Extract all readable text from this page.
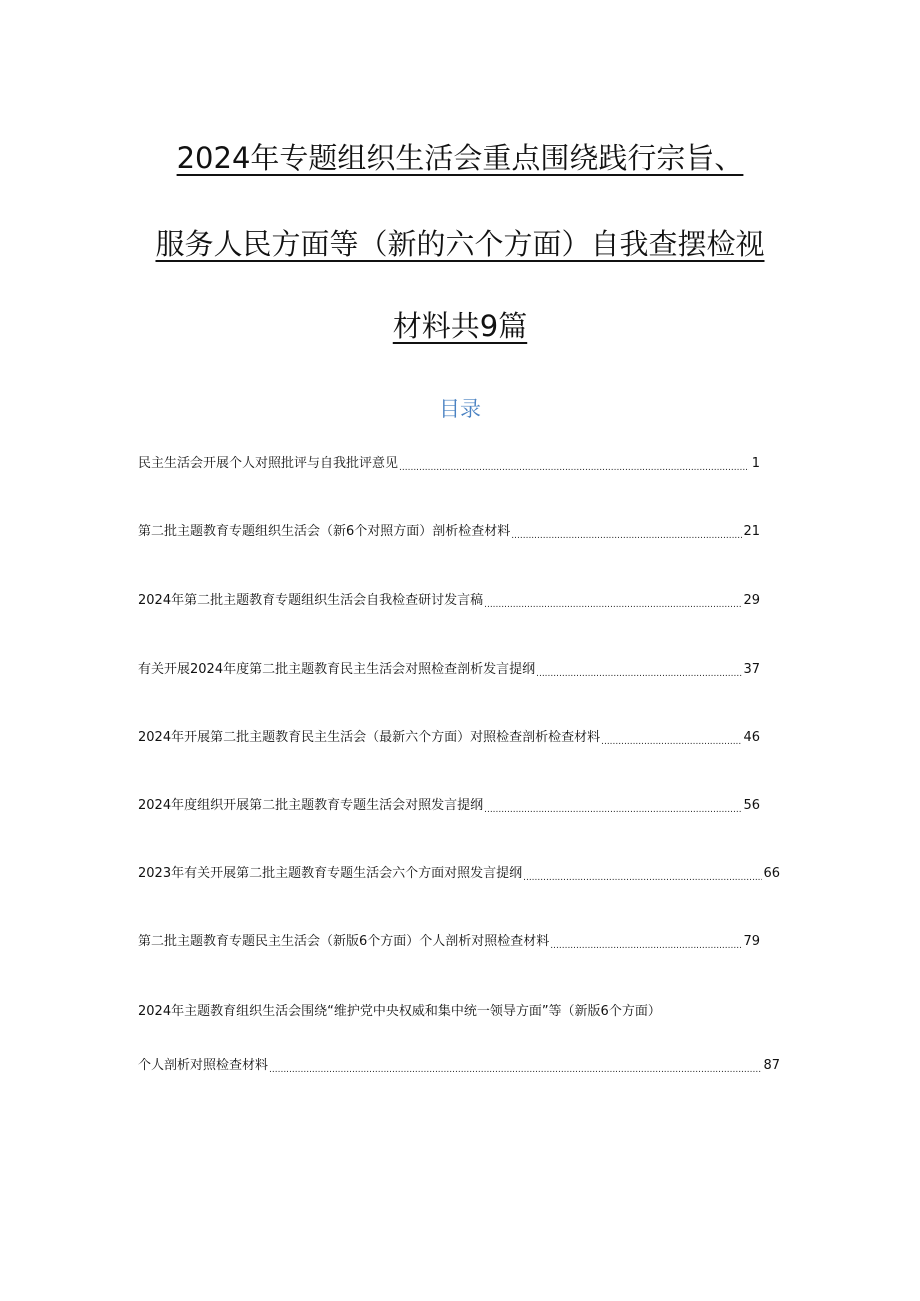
2024年专题组织生活会重点围绕践行宗旨、
服务人民方面等（新的六个方面）自我查摆检视
材料共9篇
目录
民主生活会开展个人对照批评与自我批评意见 .....	1
第二批主题教育专题组织生活会（新6个对照方面）剖析检查材料 .....	21
2024年第二批主题教育专题组织生活会自我检查研讨发言稿 .....	29
有关开展2024年度第二批主题教育民主生活会对照检查剖析发言提纲 .....	37
2024年开展第二批主题教育民主生活会（最新六个方面）对照检查剖析检查材料 .....	46
2024年度组织开展第二批主题教育专题生活会对照发言提纲 .....	56
2023年有关开展第二批主题教育专题生活会六个方面对照发言提纲 .....	66
第二批主题教育专题民主生活会（新版6个方面）个人剖析对照检查材料 .....	79
2024年主题教育组织生活会围绕“维护党中央权威和集中统一领导方面”等（新版6个方面）
个人剖析对照检查材料 .....	87
